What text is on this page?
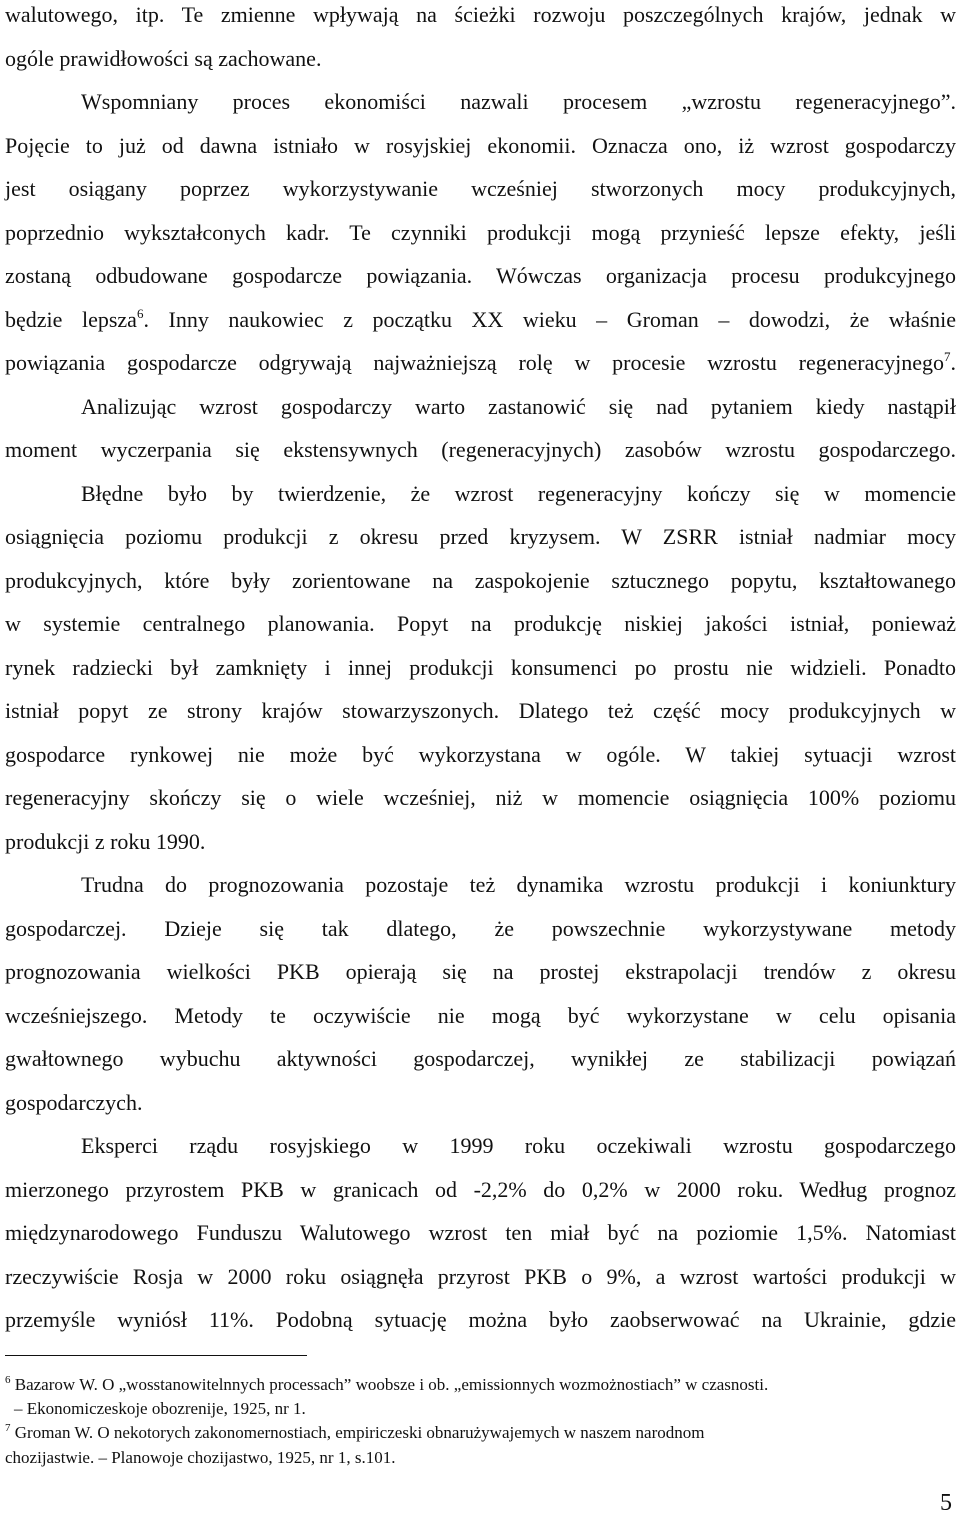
walutowego, itp. Te zmienne wpływają na ścieżki rozwoju poszczególnych krajów, jednak w
ogóle prawidłowości są zachowane.
Wspomniany proces ekonomiści nazwali procesem „wzrostu regeneracyjnego”.
Pojęcie to już od dawna istniało w rosyjskiej ekonomii. Oznacza ono, iż wzrost gospodarczy
jest osiągany poprzez wykorzystywanie wcześniej stworzonych mocy produkcyjnych,
poprzednio wykształconych kadr. Te czynniki produkcji mogą przynieść lepsze efekty, jeśli
zostaną odbudowane gospodarcze powiązania. Wówczas organizacja procesu produkcyjnego
będzie lepsza$^6$. Inny naukowiec z początku XX wieku – Groman – dowodzi, że właśnie
powiązania gospodarcze odgrywają najważniejszą rolę w procesie wzrostu regeneracyjnego$^7$.
Analizując wzrost gospodarczy warto zastanowić się nad pytaniem kiedy nastąpił
moment wyczerpania się ekstensywnych (regeneracyjnych) zasobów wzrostu gospodarczego.
Błędne było by twierdzenie, że wzrost regeneracyjny kończy się w momencie
osiągnięcia poziomu produkcji z okresu przed kryzysem. W ZSRR istniał nadmiar mocy
produkcyjnych, które były zorientowane na zaspokojenie sztucznego popytu, kształtowanego
w systemie centralnego planowania. Popyt na produkcję niskiej jakości istniał, ponieważ
rynek radziecki był zamknięty i innej produkcji konsumenci po prostu nie widzieli. Ponadto
istniał popyt ze strony krajów stowarzyszonych. Dlatego też część mocy produkcyjnych w
gospodarce rynkowej nie może być wykorzystana w ogóle. W takiej sytuacji wzrost
regeneracyjny skończy się o wiele wcześniej, niż w momencie osiągnięcia 100% poziomu
produkcji z roku 1990.
Trudna do prognozowania pozostaje też dynamika wzrostu produkcji i koniunktury
gospodarczej. Dzieje się tak dlatego, że powszechnie wykorzystywane metody
prognozowania wielkości PKB opierają się na prostej ekstrapolacji trendów z okresu
wcześniejszego. Metody te oczywiście nie mogą być wykorzystane w celu opisania
gwałtownego wybuchu aktywności gospodarczej, wynikłej ze stabilizacji powiązań
gospodarczych.
Eksperci rządu rosyjskiego w 1999 roku oczekiwali wzrostu gospodarczego
mierzonego przyrostem PKB w granicach od -2,2% do 0,2% w 2000 roku. Według prognoz
międzynarodowego Funduszu Walutowego wzrost ten miał być na poziomie 1,5%. Natomiast
rzeczywiście Rosja w 2000 roku osiągnęła przyrost PKB o 9%, a wzrost wartości produkcji w
przemyśle wyniósł 11%. Podobną sytuację można było zaobserwować na Ukrainie, gdzie
$^6$ Bazarow W. O „wosstanowitelnnych processach” woobsze i ob. „emissionnych wozmożnostiach” w czasnosti.
– Ekonomiczeskoje obozrenije, 1925, nr 1.
$^7$ Groman W. O nekotorych zakonomernostiach, empiriczeski obnarużywajemych w naszem narodnom
chozijastwie. – Planowoje chozijastwo, 1925, nr 1, s.101.
5
